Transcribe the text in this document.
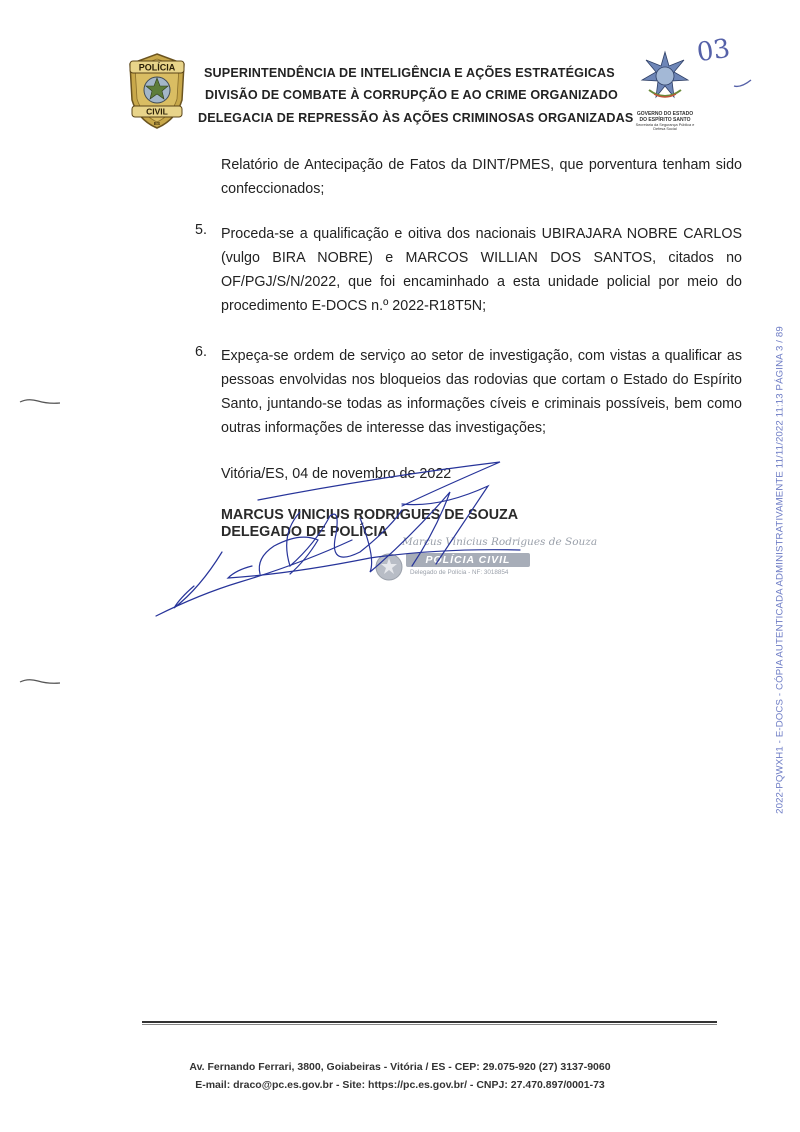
POLÍCIA
CIVIL
ES
SUPERINTENDÊNCIA DE INTELIGÊNCIA E AÇÕES ESTRATÉGICAS
DIVISÃO DE COMBATE À CORRUPÇÃO E AO CRIME ORGANIZADO
DELEGACIA DE REPRESSÃO ÀS AÇÕES CRIMINOSAS ORGANIZADAS GOVERNO DO ESTADO
DO ESPÍRITO SANTO
Secretaria da Segurança Pública e Defesa Social
03
Relatório de Antecipação de Fatos da DINT/PMES, que porventura tenham sido confeccionados;
5. Proceda-se a qualificação e oitiva dos nacionais UBIRAJARA NOBRE CARLOS (vulgo BIRA NOBRE) e MARCOS WILLIAN DOS SANTOS, citados no OF/PGJ/S/N/2022, que foi encaminhado a esta unidade policial por meio do procedimento E-DOCS n.º 2022-R18T5N;
6. Expeça-se ordem de serviço ao setor de investigação, com vistas a qualificar as pessoas envolvidas nos bloqueios das rodovias que cortam o Estado do Espírito Santo, juntando-se todas as informações cíveis e criminais possíveis, bem como outras informações de interesse das investigações;
Vitória/ES, 04 de novembro de 2022
MARCUS VINICIUS RODRIGUES DE SOUZA
DELEGADO DE POLÍCIA
Marcus Vinicius Rodrigues de Souza
POLÍCIA CIVIL
Delegado de Polícia - NF: 3018854	2022-PQWXH1 - E-DOCS - CÓPIA AUTENTICADA ADMINISTRATIVAMENTE 11/11/2022 11:13 PÁGINA 3 / 89
Av. Fernando Ferrari, 3800, Goiabeiras - Vitória / ES - CEP: 29.075-920 (27) 3137-9060
E-mail: draco@pc.es.gov.br - Site: https://pc.es.gov.br/ - CNPJ: 27.470.897/0001-73
